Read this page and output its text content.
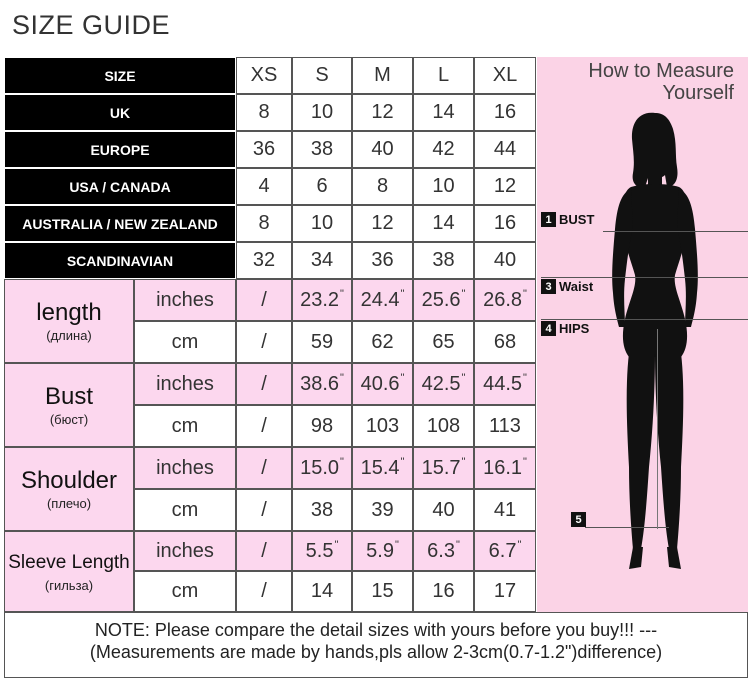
SIZE GUIDE
SIZE	XS	S	M	L	XL
UK	8	10	12	14	16
EUROPE	36	38	40	42	44
USA / CANADA	4	6	8	10	12
AUSTRALIA / NEW ZEALAND	8	10	12	14	16
SCANDINAVIAN	32	34	36	38	40
length
(длина)
inches	/	23.2 " 24.4 " 25.6 " 26.8 "
cm	/	59	62	65	68
Bust
(бюст)
inches	/	38.6 " 40.6 " 42.5 " 44.5 "
cm	/	98	103	108	113
Shoulder
(плечо)
inches	/	15.0 " 15.4 " 15.7 " 16.1 "
cm	/	38	39	40	41
Sleeve Length
(гильза)
inches	/	5.5 " 5.9 " 6.3 " 6.7 "
cm	/	14	15	16	17
How to Measure
Yourself
1 BUST
3 Waist
4 HIPS
5
NOTE: Please compare the detail sizes with yours before you buy!!! ---
(Measurements are made by hands,pls allow 2-3cm(0.7-1.2")difference)
